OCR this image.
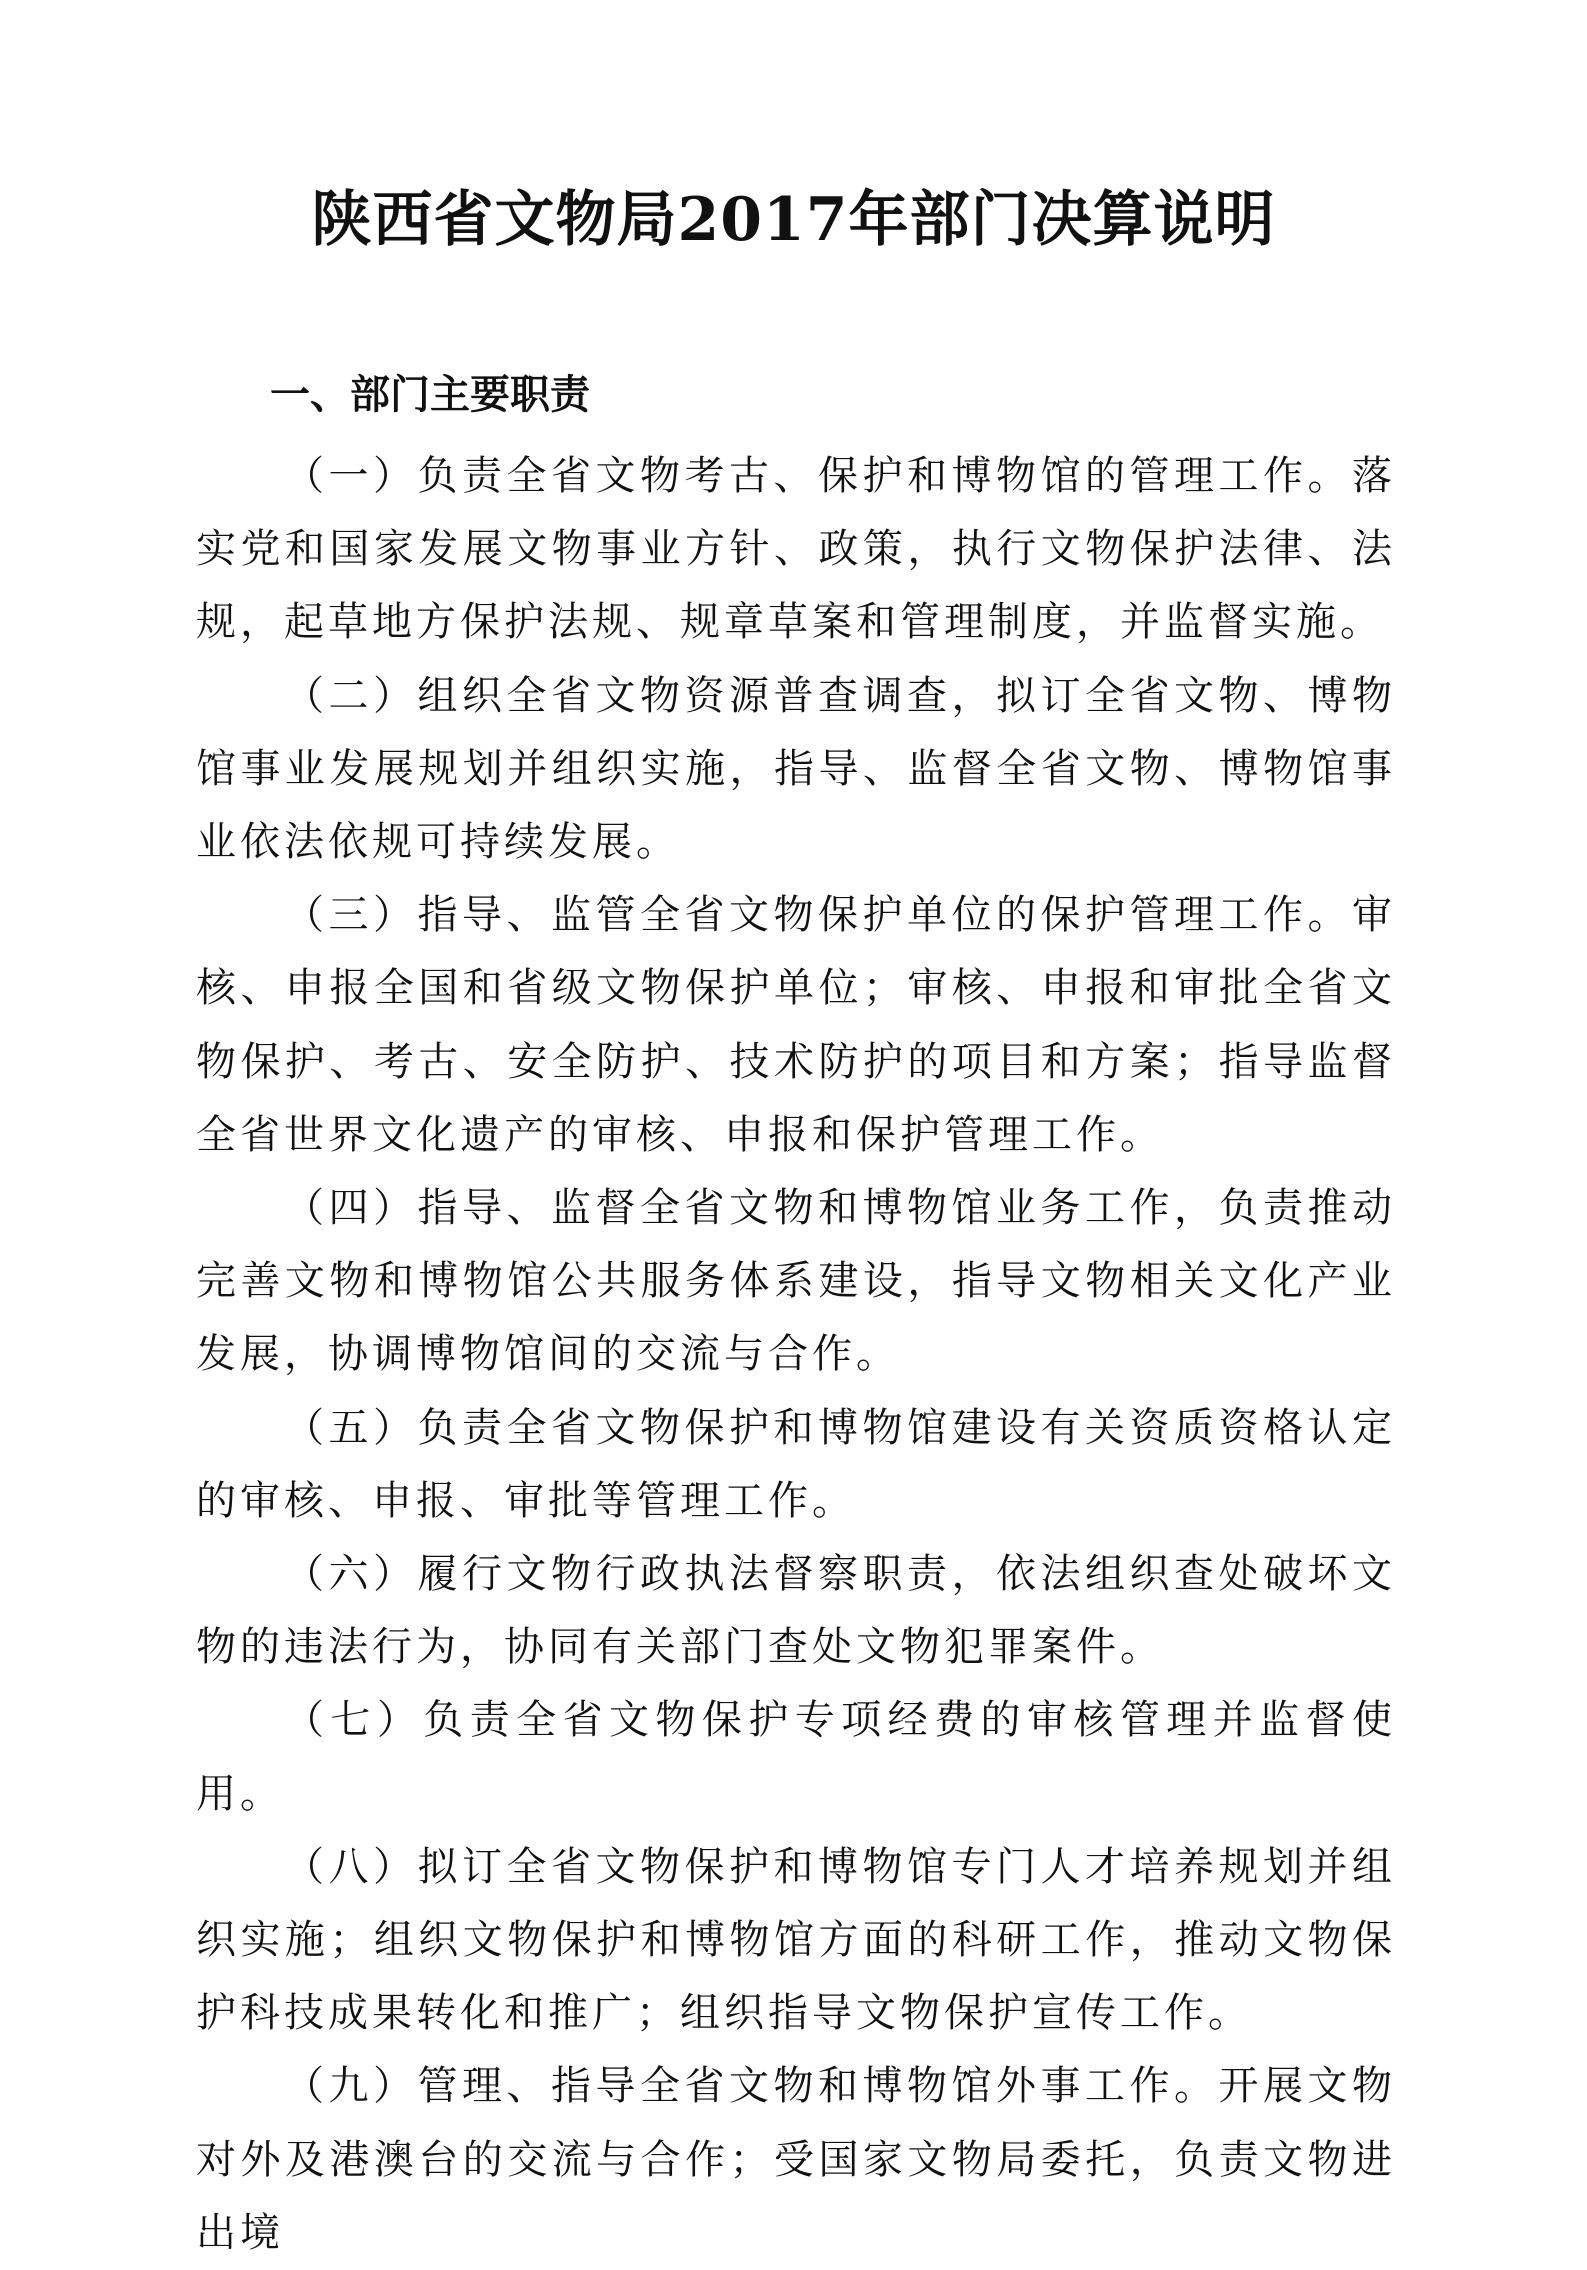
陕西省文物局2017年部门决算说明
一、部门主要职责

（一）负责全省文物考古、保护和博物馆的管理工作。落实党和国家发展文物事业方针、政策，执行文物保护法律、法规，起草地方保护法规、规章草案和管理制度，并监督实施。

（二）组织全省文物资源普查调查，拟订全省文物、博物馆事业发展规划并组织实施，指导、监督全省文物、博物馆事业依法依规可持续发展。

（三）指导、监管全省文物保护单位的保护管理工作。审核、申报全国和省级文物保护单位；审核、申报和审批全省文物保护、考古、安全防护、技术防护的项目和方案；指导监督全省世界文化遗产的审核、申报和保护管理工作。

（四）指导、监督全省文物和博物馆业务工作，负责推动完善文物和博物馆公共服务体系建设，指导文物相关文化产业发展，协调博物馆间的交流与合作。

（五）负责全省文物保护和博物馆建设有关资质资格认定的审核、申报、审批等管理工作。

（六）履行文物行政执法督察职责，依法组织查处破坏文物的违法行为，协同有关部门查处文物犯罪案件。

（七）负责全省文物保护专项经费的审核管理并监督使用。

（八）拟订全省文物保护和博物馆专门人才培养规划并组织实施；组织文物保护和博物馆方面的科研工作，推动文物保护科技成果转化和推广；组织指导文物保护宣传工作。

（九）管理、指导全省文物和博物馆外事工作。开展文物对外及港澳台的交流与合作；受国家文物局委托，负责文物进出境
